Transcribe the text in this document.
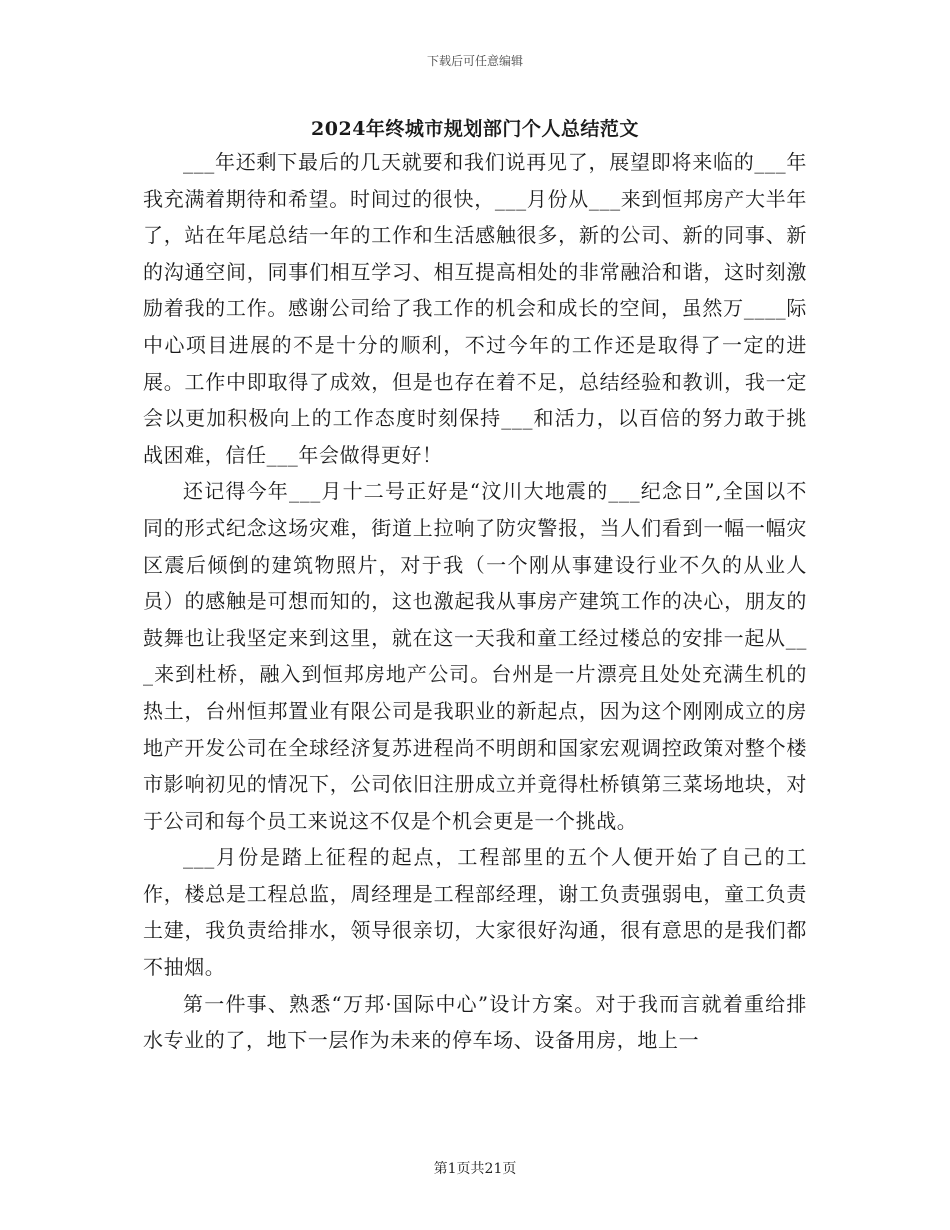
下载后可任意编辑
2024年终城市规划部门个人总结范文

___年还剩下最后的几天就要和我们说再见了，展望即将来临的___年我充满着期待和希望。时间过的很快，___月份从___来到恒邦房产大半年了，站在年尾总结一年的工作和生活感触很多，新的公司、新的同事、新的沟通空间，同事们相互学习、相互提高相处的非常融洽和谐，这时刻激励着我的工作。感谢公司给了我工作的机会和成长的空间，虽然万____际中心项目进展的不是十分的顺利，不过今年的工作还是取得了一定的进展。工作中即取得了成效，但是也存在着不足，总结经验和教训，我一定会以更加积极向上的工作态度时刻保持___和活力，以百倍的努力敢于挑战困难，信任___年会做得更好！

还记得今年___月十二号正好是“汶川大地震的___纪念日”,全国以不同的形式纪念这场灾难，街道上拉响了防灾警报，当人们看到一幅一幅灾区震后倾倒的建筑物照片，对于我（一个刚从事建设行业不久的从业人员）的感触是可想而知的，这也激起我从事房产建筑工作的决心，朋友的鼓舞也让我坚定来到这里，就在这一天我和童工经过楼总的安排一起从___来到杜桥，融入到恒邦房地产公司。台州是一片漂亮且处处充满生机的热土，台州恒邦置业有限公司是我职业的新起点，因为这个刚刚成立的房地产开发公司在全球经济复苏进程尚不明朗和国家宏观调控政策对整个楼市影响初见的情况下，公司依旧注册成立并竟得杜桥镇第三菜场地块，对于公司和每个员工来说这不仅是个机会更是一个挑战。

___月份是踏上征程的起点，工程部里的五个人便开始了自己的工作，楼总是工程总监，周经理是工程部经理，谢工负责强弱电，童工负责土建，我负责给排水，领导很亲切，大家很好沟通，很有意思的是我们都不抽烟。

第一件事、熟悉“万邦·国际中心”设计方案。对于我而言就着重给排水专业的了，地下一层作为未来的停车场、设备用房，地上一

第1页共21页
